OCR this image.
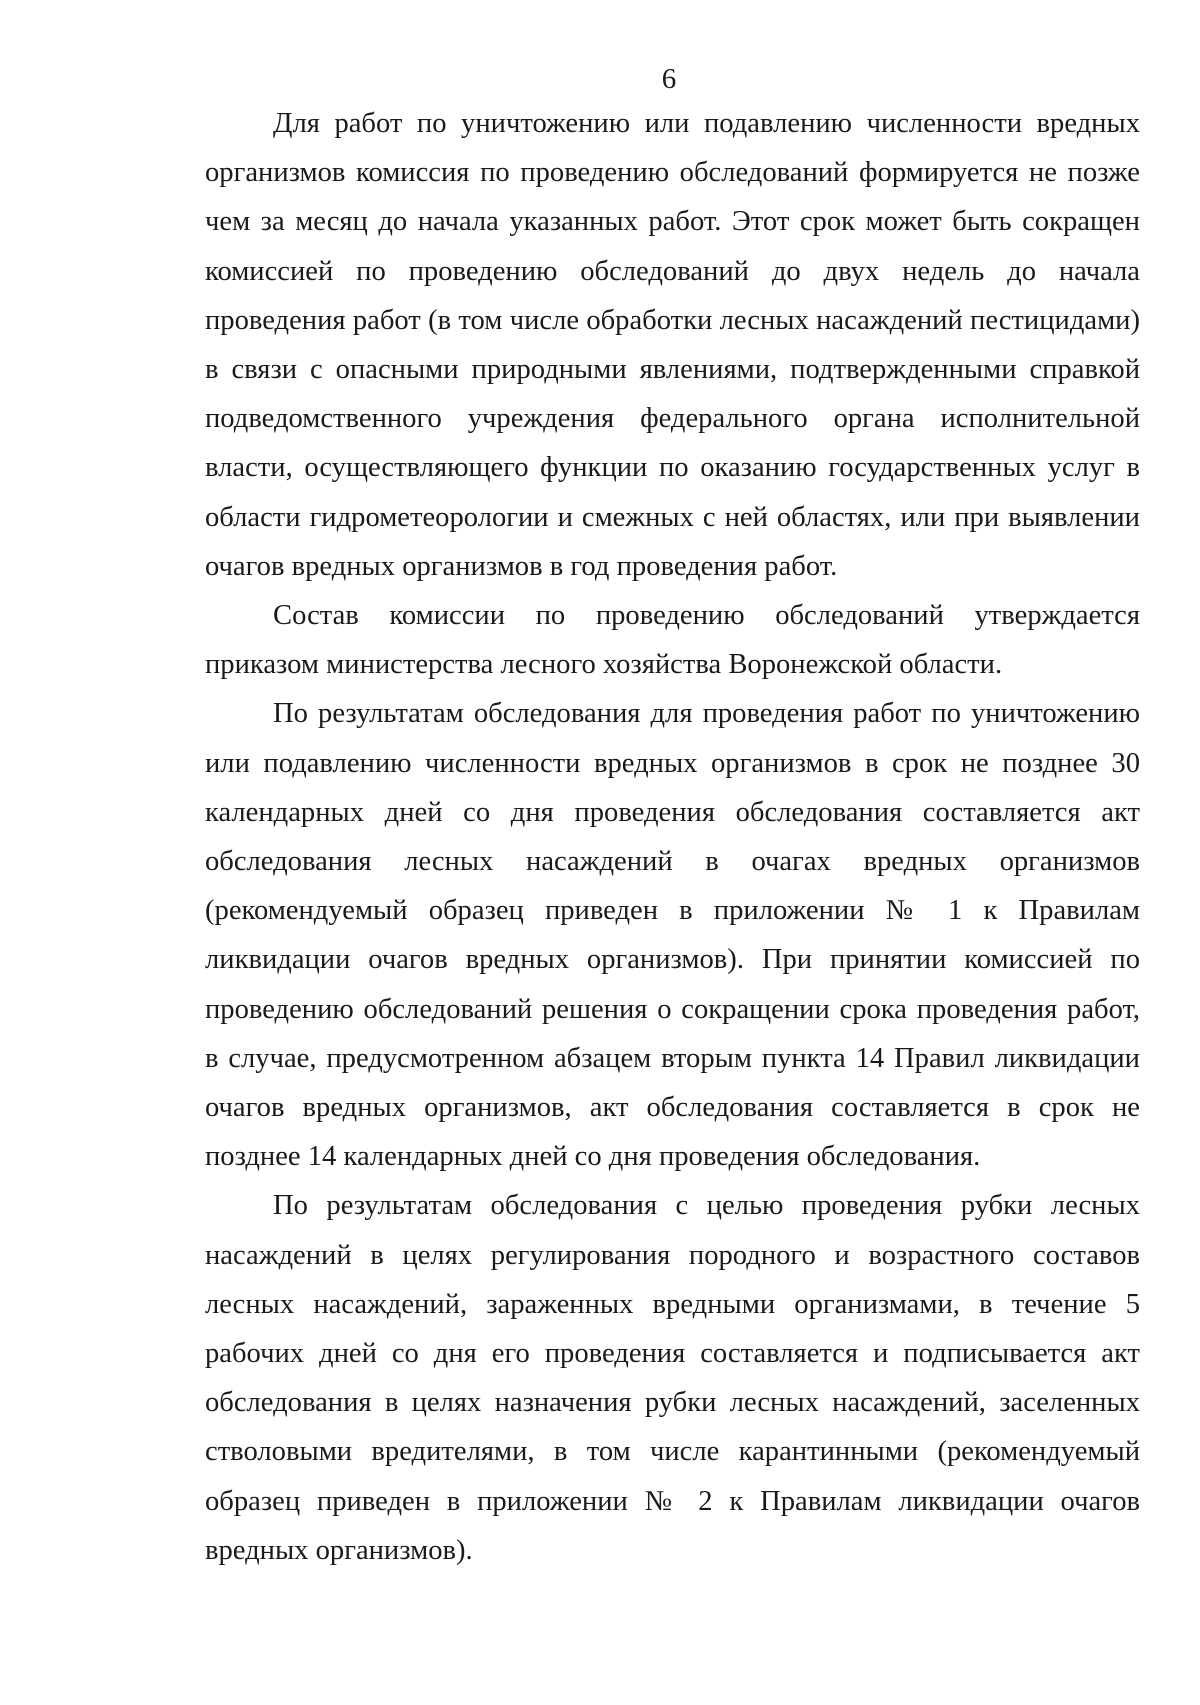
6

Для работ по уничтожению или подавлению численности вредных организмов комиссия по проведению обследований формируется не позже чем за месяц до начала указанных работ. Этот срок может быть сокращен комиссией по проведению обследований до двух недель до начала проведения работ (в том числе обработки лесных насаждений пестицидами) в связи с опасными природными явлениями, подтвержденными справкой подведомственного учреждения федерального органа исполнительной власти, осуществляющего функции по оказанию государственных услуг в области гидрометеорологии и смежных с ней областях, или при выявлении очагов вредных организмов в год проведения работ.

Состав комиссии по проведению обследований утверждается приказом министерства лесного хозяйства Воронежской области.

По результатам обследования для проведения работ по уничтожению или подавлению численности вредных организмов в срок не позднее 30 календарных дней со дня проведения обследования составляется акт обследования лесных насаждений в очагах вредных организмов (рекомендуемый образец приведен в приложении № 1 к Правилам ликвидации очагов вредных организмов). При принятии комиссией по проведению обследований решения о сокращении срока проведения работ, в случае, предусмотренном абзацем вторым пункта 14 Правил ликвидации очагов вредных организмов, акт обследования составляется в срок не позднее 14 календарных дней со дня проведения обследования.

По результатам обследования с целью проведения рубки лесных насаждений в целях регулирования породного и возрастного составов лесных насаждений, зараженных вредными организмами, в течение 5 рабочих дней со дня его проведения составляется и подписывается акт обследования в целях назначения рубки лесных насаждений, заселенных стволовыми вредителями, в том числе карантинными (рекомендуемый образец приведен в приложении № 2 к Правилам ликвидации очагов вредных организмов).
